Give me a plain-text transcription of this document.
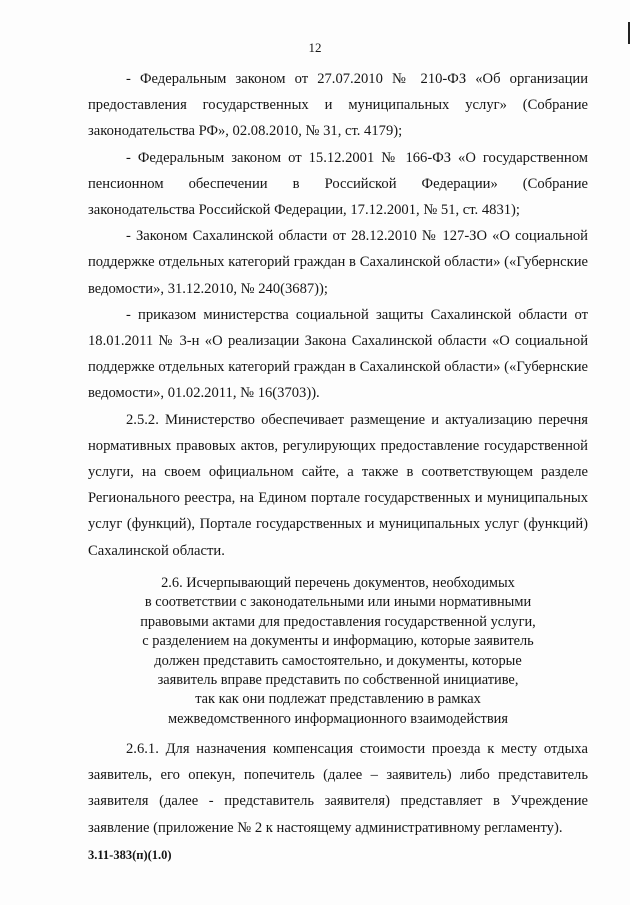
12

- Федеральным законом от 27.07.2010 № 210-ФЗ «Об организации предоставления государственных и муниципальных услуг» (Собрание законодательства РФ», 02.08.2010, № 31, ст. 4179);

- Федеральным законом от 15.12.2001 № 166-ФЗ «О государственном пенсионном обеспечении в Российской Федерации» (Собрание законодательства Российской Федерации, 17.12.2001, № 51, ст. 4831);

- Законом Сахалинской области от 28.12.2010 № 127-ЗО «О социальной поддержке отдельных категорий граждан в Сахалинской области» («Губернские ведомости», 31.12.2010, № 240(3687));

- приказом министерства социальной защиты Сахалинской области от 18.01.2011 № 3-н «О реализации Закона Сахалинской области «О социальной поддержке отдельных категорий граждан в Сахалинской области» («Губернские ведомости», 01.02.2011, № 16(3703)).

2.5.2. Министерство обеспечивает размещение и актуализацию перечня нормативных правовых актов, регулирующих предоставление государственной услуги, на своем официальном сайте, а также в соответствующем разделе Регионального реестра, на Едином портале государственных и муниципальных услуг (функций), Портале государственных и муниципальных услуг (функций) Сахалинской области.

2.6. Исчерпывающий перечень документов, необходимых
в соответствии с законодательными или иными нормативными
правовыми актами для предоставления государственной услуги,
с разделением на документы и информацию, которые заявитель
должен представить самостоятельно, и документы, которые
заявитель вправе представить по собственной инициативе,
так как они подлежат представлению в рамках
межведомственного информационного взаимодействия

2.6.1. Для назначения компенсация стоимости проезда к месту отдыха заявитель, его опекун, попечитель (далее – заявитель) либо представитель заявителя (далее - представитель заявителя) представляет в Учреждение заявление (приложение № 2 к настоящему административному регламенту).

3.11-383(п)(1.0)
